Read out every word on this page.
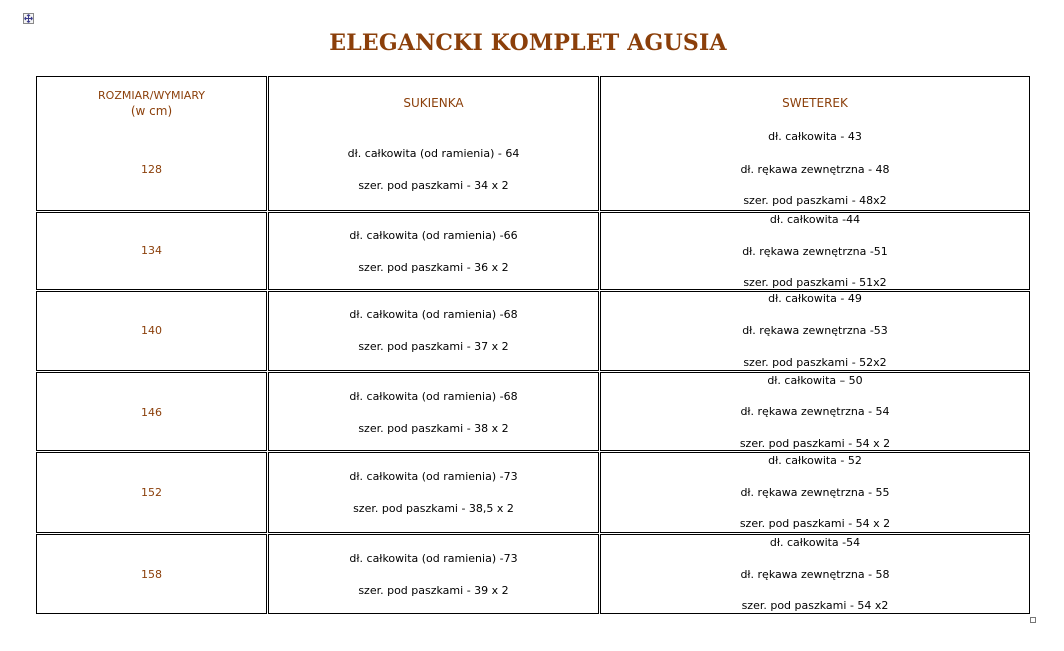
ELEGANCKI KOMPLET AGUSIA
ROZMIAR/WYMIARY
(w cm)
128
SUKIENKA
dł. całkowita (od ramienia) - 64
szer. pod paszkami - 34 x 2
SWETEREK
dł. całkowita - 43
dł. rękawa zewnętrzna - 48
szer. pod paszkami - 48x2
134
dł. całkowita (od ramienia) -66
szer. pod paszkami - 36 x 2
dł. całkowita -44
dł. rękawa zewnętrzna -51
szer. pod paszkami - 51x2
140
dł. całkowita (od ramienia) -68
szer. pod paszkami - 37 x 2
dł. całkowita - 49
dł. rękawa zewnętrzna -53
szer. pod paszkami - 52x2
146
dł. całkowita (od ramienia) -68
szer. pod paszkami - 38 x 2
dł. całkowita – 50
dł. rękawa zewnętrzna - 54
szer. pod paszkami - 54 x 2
152
dł. całkowita (od ramienia) -73
szer. pod paszkami - 38,5 x 2
dł. całkowita - 52
dł. rękawa zewnętrzna - 55
szer. pod paszkami - 54 x 2
158
dł. całkowita (od ramienia) -73
szer. pod paszkami - 39 x 2
dł. całkowita -54
dł. rękawa zewnętrzna - 58
szer. pod paszkami - 54 x2
